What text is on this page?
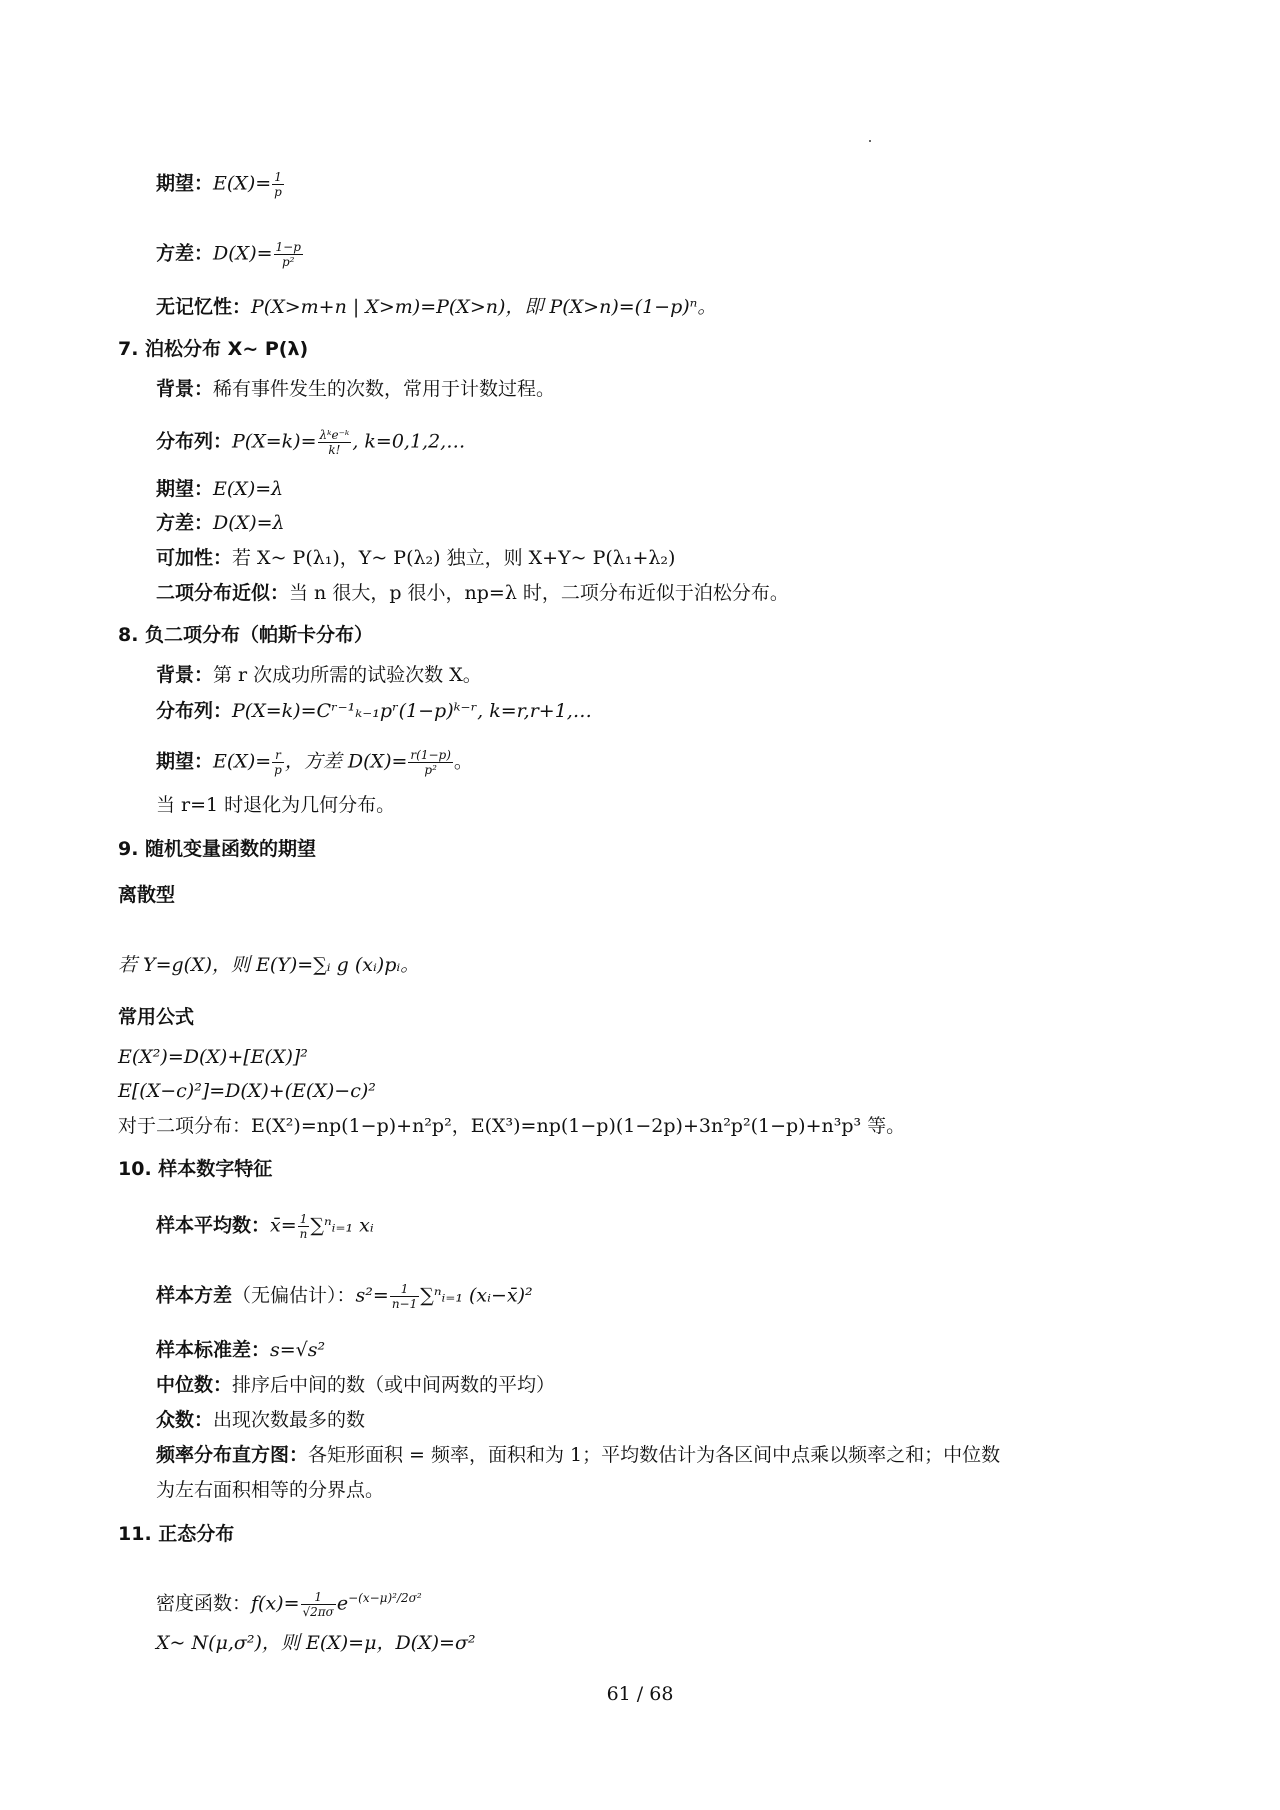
期望：$E(X)= \frac{1}{p}$
方差：$D(X)= \frac{1-p}{\text{p²}}$
无记忆性：P(X>m+n | X>m)=P(X>n)，即 P(X>n)=(1−p)ⁿ。
7. 泊松分布 X~ P(λ)
背景：稀有事件发生的次数，常用于计数过程。
分布列：$P(X=k)= \frac{\text{λᵏe⁻ᵏ}}{k!}$ , k=0,1,2,…
期望：E(X)=λ
方差：D(X)=λ
可加性：若 X~ P(λ₁)，Y~ P(λ₂) 独立，则 X+Y~ P(λ₁+λ₂)
二项分布近似：当 n 很大，p 很小，np=λ 时，二项分布近似于泊松分布。
8. 负二项分布（帕斯卡分布）
背景：第 r 次成功所需的试验次数 X。
分布列：P(X=k)=Cʳ⁻¹ₖ₋₁pʳ(1−p)ᵏ⁻ʳ, k=r,r+1,…
期望：$E(X)= \frac{r}{p}$ ，方差 $D(X)= \frac{r(1-p)}{\text{p²}}$ 。
当 r=1 时退化为几何分布。
9. 随机变量函数的期望
离散型
若 Y=g(X)，则 E(Y)=∑ᵢ g (xᵢ)pᵢ。
常用公式
E(X²)=D(X)+[E(X)]²
E[(X−c)²]=D(X)+(E(X)−c)²
对于二项分布：E(X²)=np(1−p)+n²p²，E(X³)=np(1−p)(1−2p)+3n²p²(1−p)+n³p³ 等。
10. 样本数字特征
样本平均数：x̄= $\frac{1}{n}$ ∑ⁿᵢ₌₁ xᵢ
样本方差（无偏估计）：$s^2= \frac{1}{n-1}$ ∑ⁿᵢ₌₁ (xᵢ−x̄)²
样本标准差：s=√s²
中位数：排序后中间的数（或中间两数的平均）
众数：出现次数最多的数
频率分布直方图：各矩形面积 = 频率，面积和为 1；平均数估计为各区间中点乘以频率之和；中位数
为左右面积相等的分界点。
11. 正态分布
密度函数：$f(x)= \frac{1}{√2\pi\sigma} e^{-(x-\mu)^2/2\sigma^2}$
X~ N(μ,σ²)，则 E(X)=μ，D(X)=σ²
61 / 68
